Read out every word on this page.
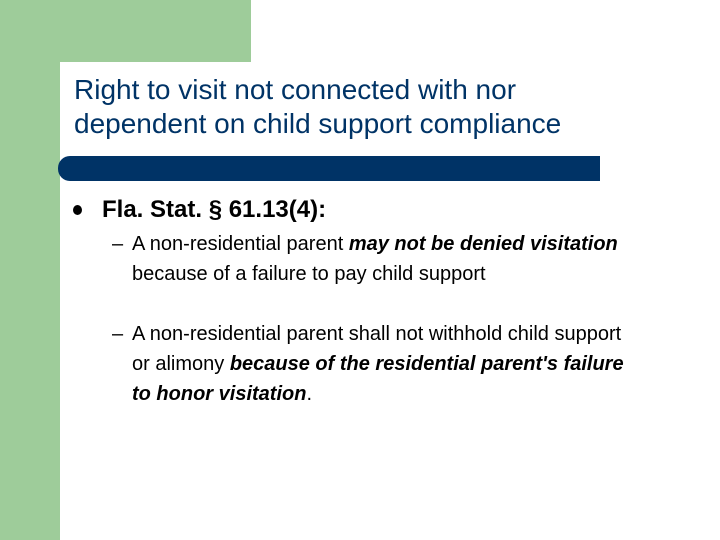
Right to visit not connected with nor
dependent on child support compliance
Fla. Stat. § 61.13(4):
– A non-residential parent may not be denied visitation because of a failure to pay child support
– A non-residential parent shall not withhold child support or alimony because of the residential parent's failure to honor visitation.
